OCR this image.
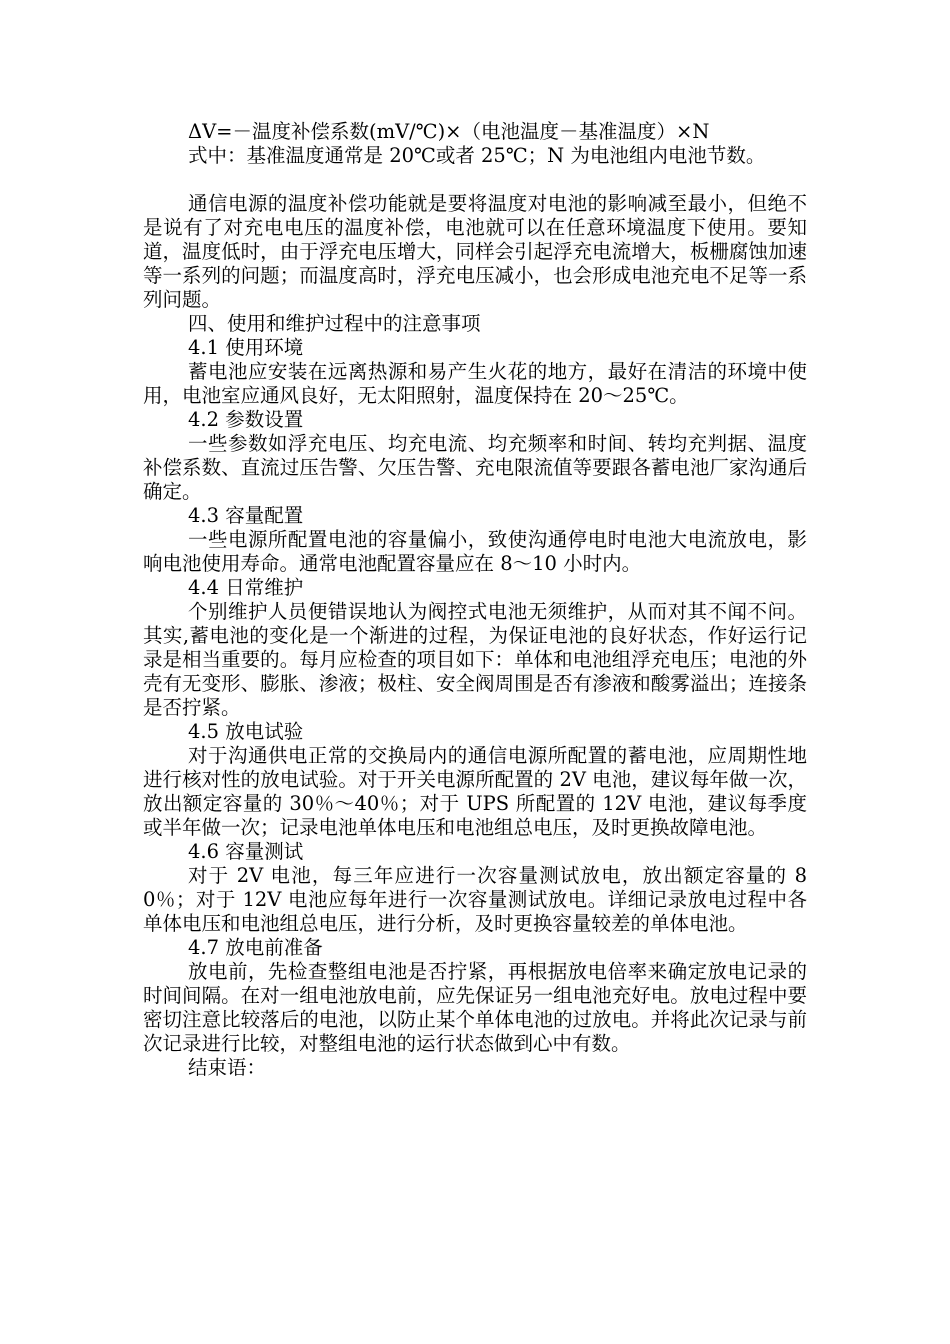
ΔV=－温度补偿系数(mV/℃)×（电池温度－基准温度）×N

式中：基准温度通常是 20℃或者 25℃；N 为电池组内电池节数。

通信电源的温度补偿功能就是要将温度对电池的影响减至最小，但绝不是说有了对充电电压的温度补偿，电池就可以在任意环境温度下使用。要知道，温度低时，由于浮充电压增大，同样会引起浮充电流增大，板栅腐蚀加速等一系列的问题；而温度高时，浮充电压减小，也会形成电池充电不足等一系列问题。

四、使用和维护过程中的注意事项

4.1 使用环境

蓄电池应安装在远离热源和易产生火花的地方，最好在清洁的环境中使用，电池室应通风良好，无太阳照射，温度保持在 20～25℃。

4.2 参数设置

一些参数如浮充电压、均充电流、均充频率和时间、转均充判据、温度补偿系数、直流过压告警、欠压告警、充电限流值等要跟各蓄电池厂家沟通后确定。

4.3 容量配置

一些电源所配置电池的容量偏小，致使沟通停电时电池大电流放电，影响电池使用寿命。通常电池配置容量应在 8～10 小时内。

4.4 日常维护

个别维护人员便错误地认为阀控式电池无须维护，从而对其不闻不问。其实,蓄电池的变化是一个渐进的过程，为保证电池的良好状态，作好运行记录是相当重要的。每月应检查的项目如下：单体和电池组浮充电压；电池的外壳有无变形、膨胀、渗液；极柱、安全阀周围是否有渗液和酸雾溢出；连接条是否拧紧。

4.5 放电试验

对于沟通供电正常的交换局内的通信电源所配置的蓄电池，应周期性地进行核对性的放电试验。对于开关电源所配置的 2V 电池，建议每年做一次，放出额定容量的 30％～40％；对于 UPS 所配置的 12V 电池，建议每季度或半年做一次；记录电池单体电压和电池组总电压，及时更换故障电池。

4.6 容量测试

对于 2V 电池，每三年应进行一次容量测试放电，放出额定容量的 80％；对于 12V 电池应每年进行一次容量测试放电。详细记录放电过程中各单体电压和电池组总电压，进行分析，及时更换容量较差的单体电池。

4.7 放电前准备

放电前，先检查整组电池是否拧紧，再根据放电倍率来确定放电记录的时间间隔。在对一组电池放电前，应先保证另一组电池充好电。放电过程中要密切注意比较落后的电池，以防止某个单体电池的过放电。并将此次记录与前次记录进行比较，对整组电池的运行状态做到心中有数。

结束语：
